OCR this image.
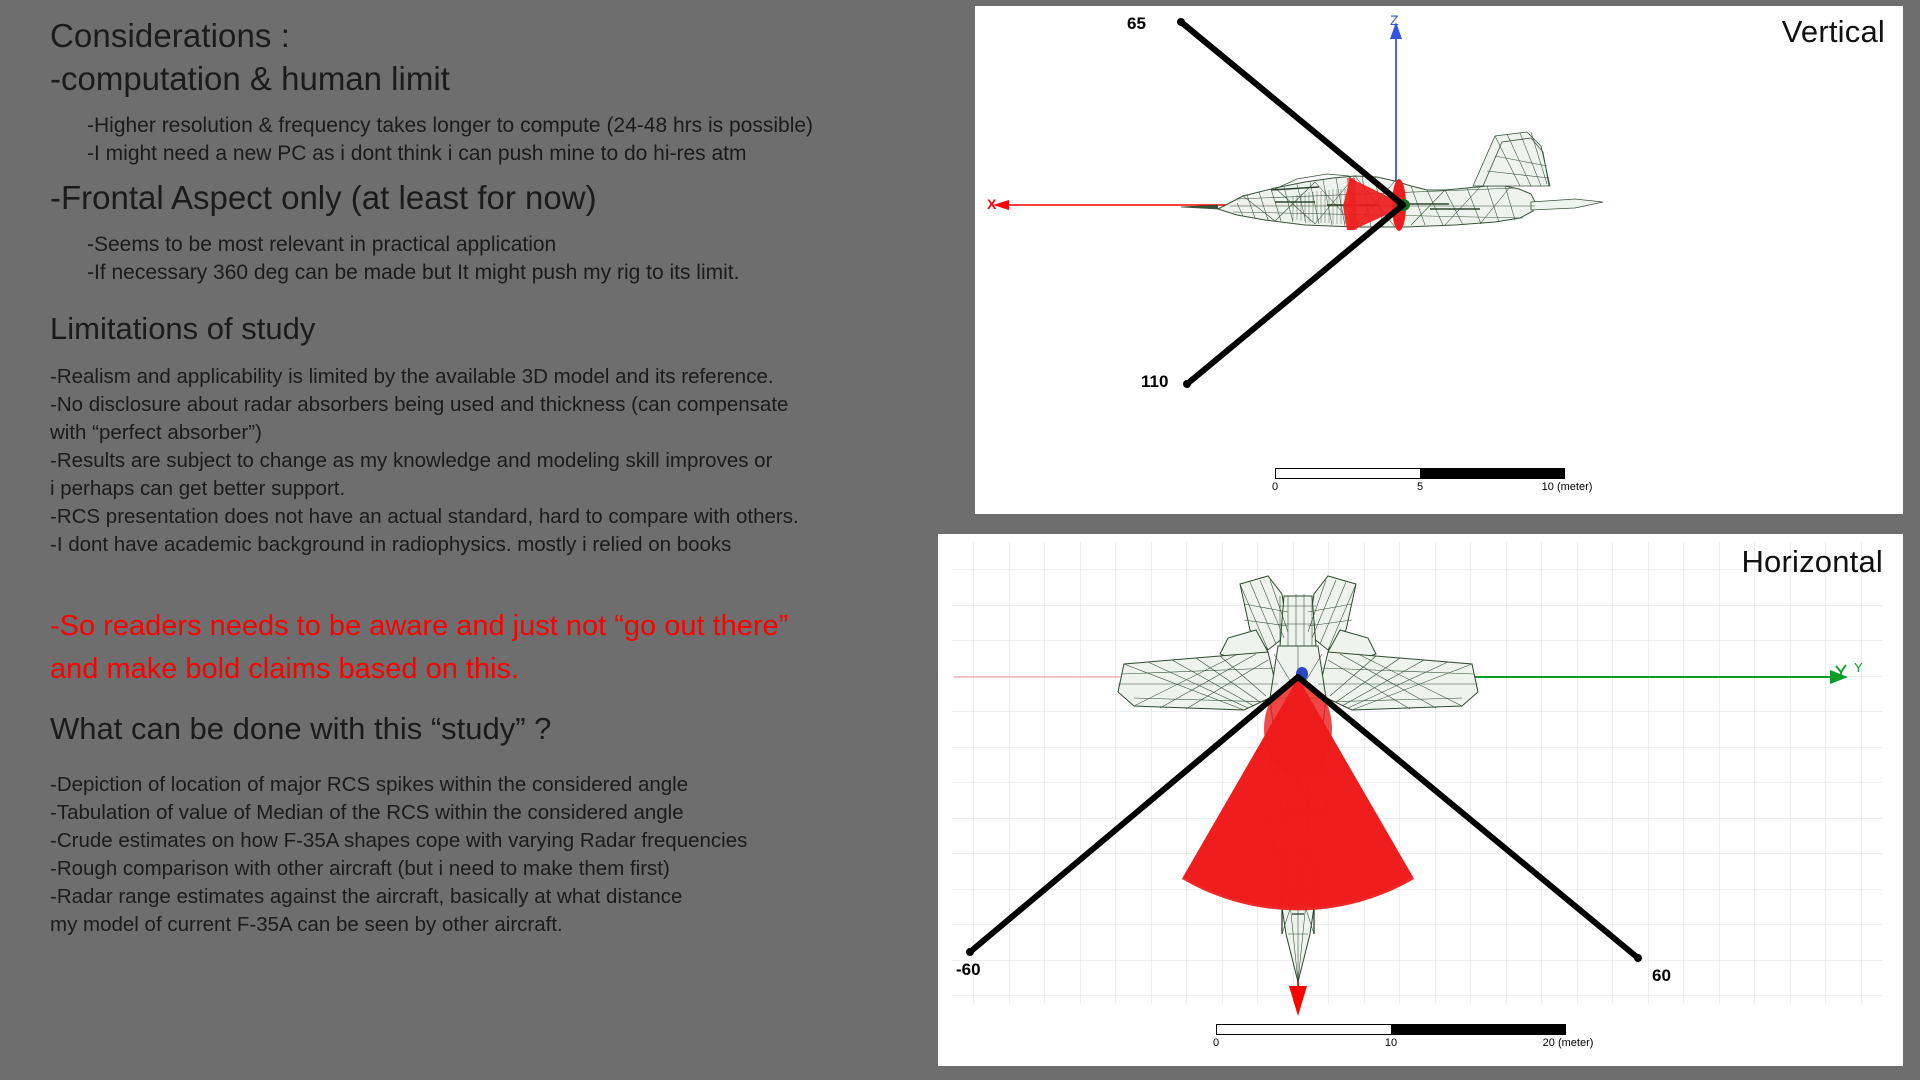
Considerations :
-computation & human limit
-Higher resolution & frequency takes longer to compute (24-48 hrs is possible)
-I might need a new PC as i dont think i can push mine to do hi-res atm
-Frontal Aspect only (at least for now)
-Seems to be most relevant in practical application
-If necessary 360 deg can be made but It might push my rig to its limit.
Limitations of study
-Realism and applicability is limited by the available 3D model and its reference.
-No disclosure about radar absorbers being used and thickness (can compensate
with “perfect absorber”)
-Results are subject to change as my knowledge and modeling skill improves or
i perhaps can get better support.
-RCS presentation does not have an actual standard, hard to compare with others.
-I dont have academic background in radiophysics. mostly i relied on books
-So readers needs to be aware and just not “go out there”
and make bold claims based on this.
What can be done with this “study” ?
-Depiction of location of major RCS spikes within the considered angle
-Tabulation of value of Median of the RCS within the considered angle
-Crude estimates on how F-35A shapes cope with varying Radar frequencies
-Rough comparison with other aircraft (but i need to make them first)
-Radar range estimates against the aircraft, basically at what distance
my model of current F-35A can be seen by other aircraft.
Vertical
65
110
X
Z
0	5	10 (meter)
Horizontal
-60	60
Y
0	10	20 (meter)
